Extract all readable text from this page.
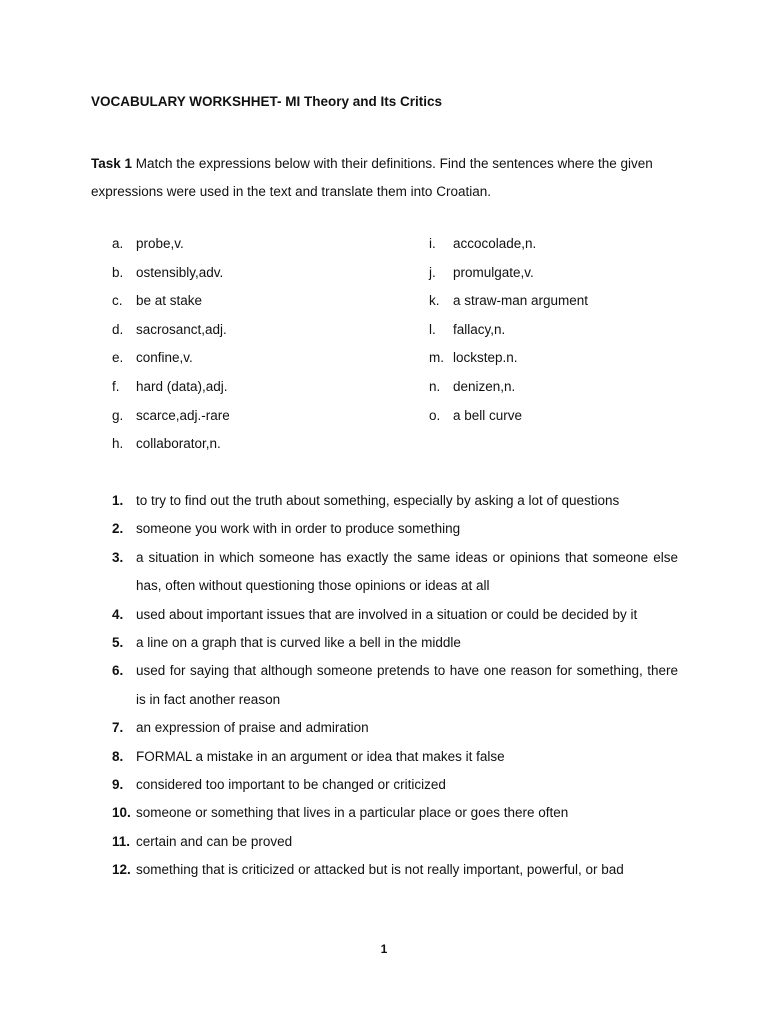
VOCABULARY WORKSHHET- MI Theory and Its Critics
Task 1 Match the expressions below with their definitions. Find the sentences where the given expressions were used in the text and translate them into Croatian.
a. probe,v.
b. ostensibly,adv.
c. be at stake
d. sacrosanct,adj.
e. confine,v.
f.	hard (data),adj.
g. scarce,adj.-rare
h. collaborator,n.
i.	accocolade,n.
j.	promulgate,v.
k. a straw-man argument
l.	fallacy,n.
m. lockstep.n.
n. denizen,n.
o. a bell curve
1. to try to find out the truth about something, especially by asking a lot of questions
2. someone you work with in order to produce something
3. a situation in which someone has exactly the same ideas or opinions that someone else has, often without questioning those opinions or ideas at all
4. used about important issues that are involved in a situation or could be decided by it
5. a line on a graph that is curved like a bell in the middle
6. used for saying that although someone pretends to have one reason for something, there is in fact another reason
7. an expression of praise and admiration
8. FORMAL a mistake in an argument or idea that makes it false
9. considered too important to be changed or criticized
10. someone or something that lives in a particular place or goes there often
11. certain and can be proved
12. something that is criticized or attacked but is not really important, powerful, or bad
1
